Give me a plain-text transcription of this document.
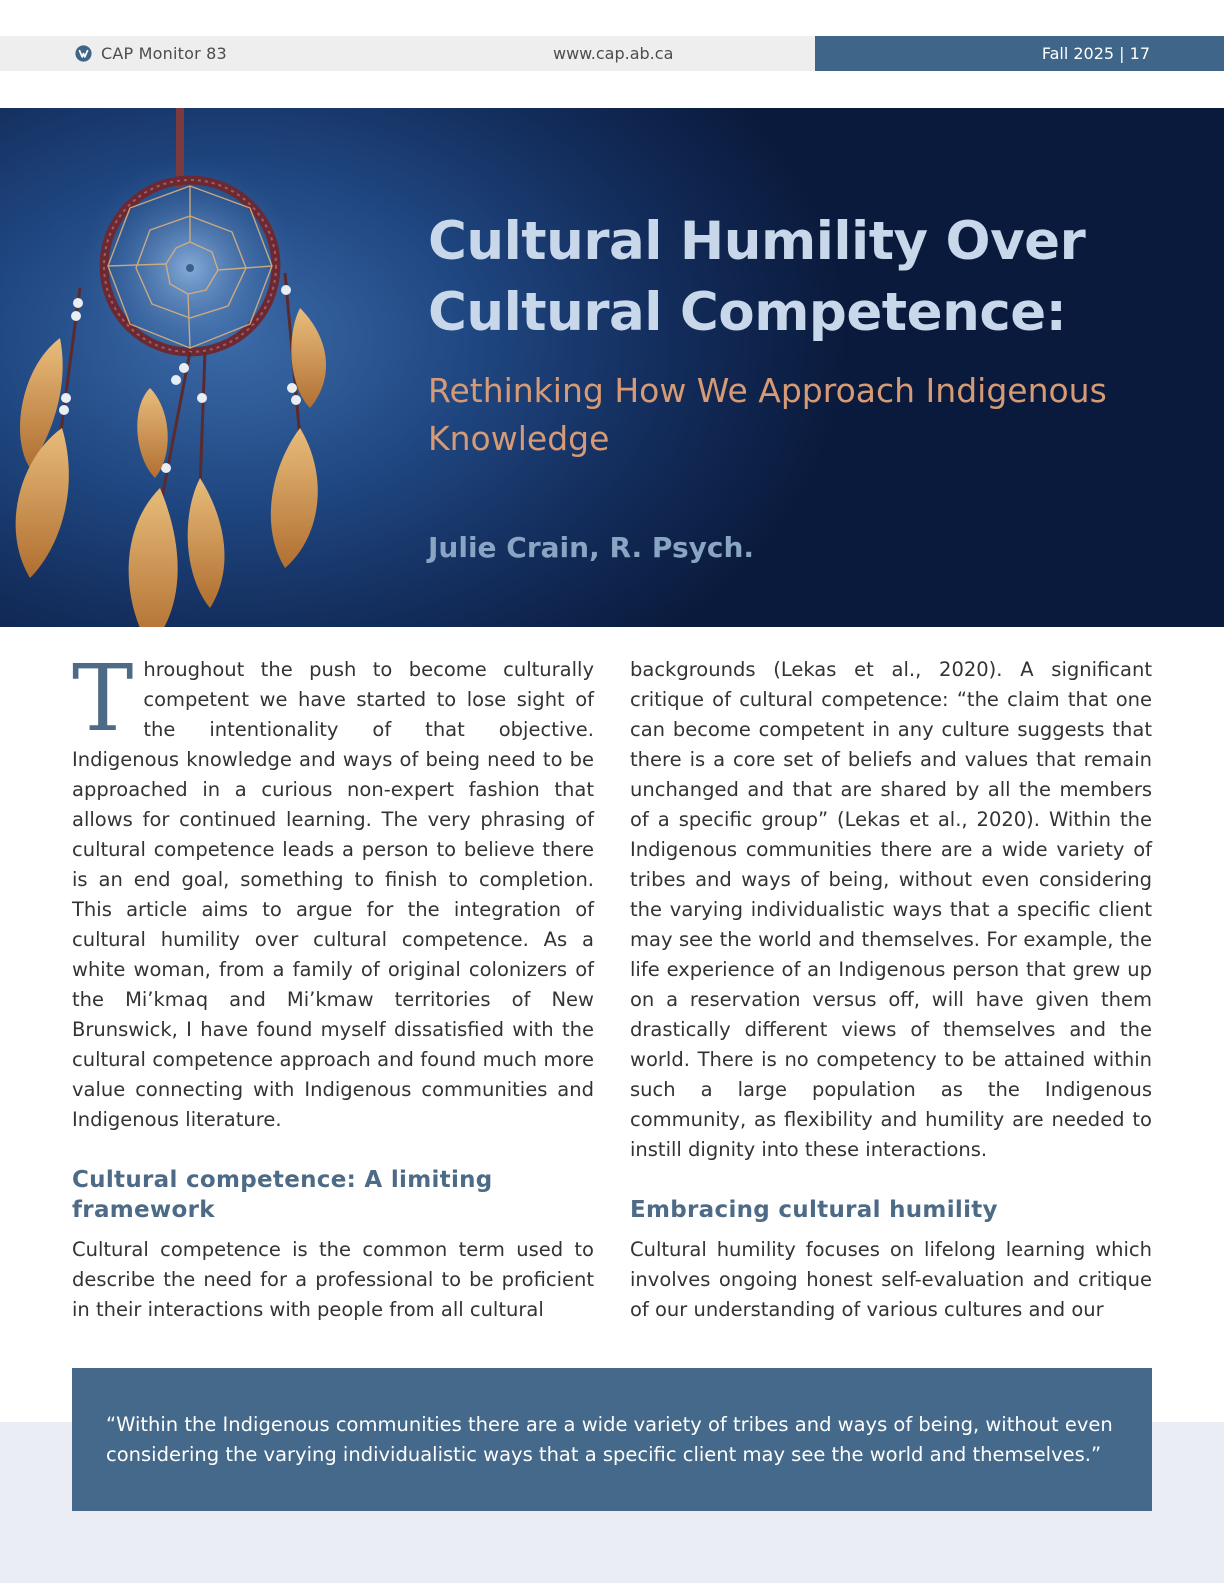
CAP Monitor 83	www.cap.ab.ca	Fall 2025 | 17
Cultural Humility Over Cultural Competence:
Rethinking How We Approach Indigenous Knowledge

Julie Crain, R. Psych.

Throughout the push to become culturally competent we have started to lose sight of the intentionality of that objective. Indigenous knowledge and ways of being need to be approached in a curious non-expert fashion that allows for continued learning. The very phrasing of cultural competence leads a person to believe there is an end goal, something to finish to completion. This article aims to argue for the integration of cultural humility over cultural competence. As a white woman, from a family of original colonizers of the Mi’kmaq and Mi’kmaw territories of New Brunswick, I have found myself dissatisfied with the cultural competence approach and found much more value connecting with Indigenous communities and Indigenous literature.

Cultural competence: A limiting framework

Cultural competence is the common term used to describe the need for a professional to be proficient in their interactions with people from all cultural

backgrounds (Lekas et al., 2020). A significant critique of cultural competence: “the claim that one can become competent in any culture suggests that there is a core set of beliefs and values that remain unchanged and that are shared by all the members of a specific group” (Lekas et al., 2020). Within the Indigenous communities there are a wide variety of tribes and ways of being, without even considering the varying individualistic ways that a specific client may see the world and themselves. For example, the life experience of an Indigenous person that grew up on a reservation versus off, will have given them drastically different views of themselves and the world. There is no competency to be attained within such a large population as the Indigenous community, as flexibility and humility are needed to instill dignity into these interactions.

Embracing cultural humility

Cultural humility focuses on lifelong learning which involves ongoing honest self-evaluation and critique of our understanding of various cultures and our

“Within the Indigenous communities there are a wide variety of tribes and ways of being, without even considering the varying individualistic ways that a specific client may see the world and themselves.”
